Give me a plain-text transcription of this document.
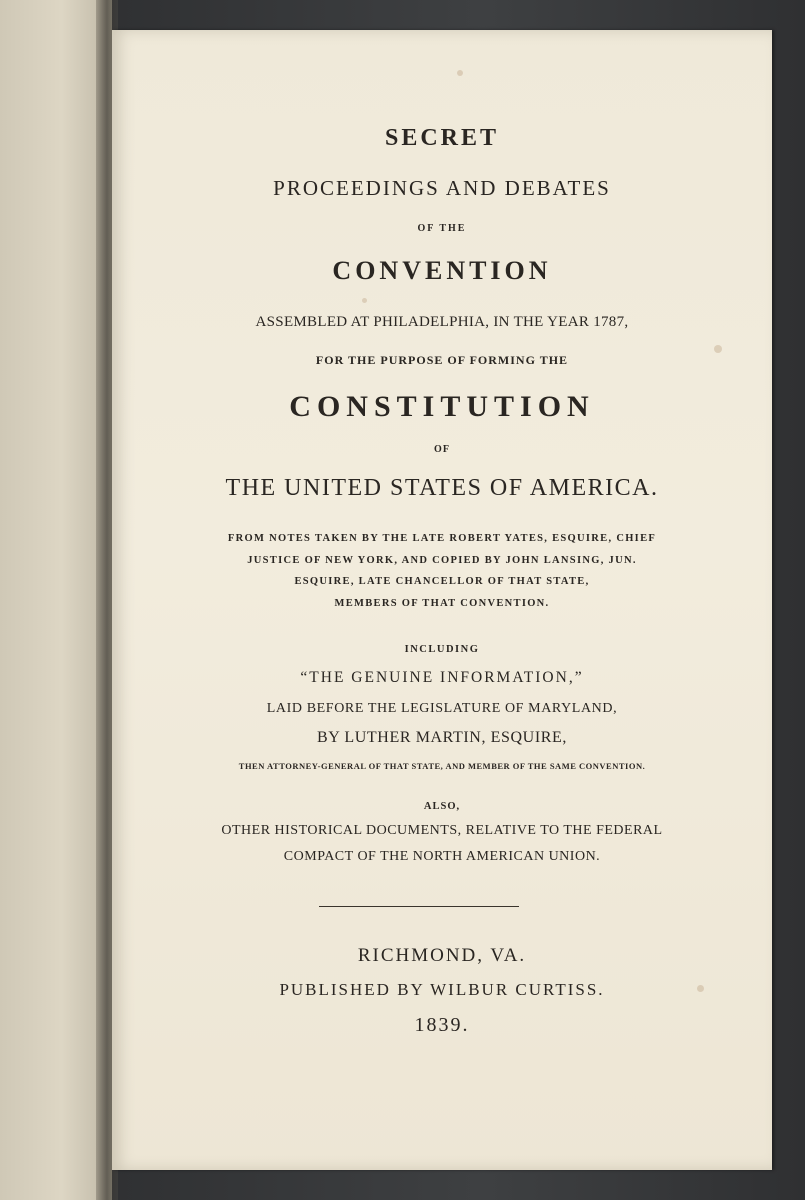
SECRET
PROCEEDINGS AND DEBATES
OF THE
CONVENTION
ASSEMBLED AT PHILADELPHIA, IN THE YEAR 1787,
FOR THE PURPOSE OF FORMING THE
CONSTITUTION
OF
THE UNITED STATES OF AMERICA.
FROM NOTES TAKEN BY THE LATE ROBERT YATES, ESQUIRE, CHIEF
JUSTICE OF NEW YORK, AND COPIED BY JOHN LANSING, JUN.
ESQUIRE, LATE CHANCELLOR OF THAT STATE,
MEMBERS OF THAT CONVENTION.
INCLUDING
“THE GENUINE INFORMATION,”
LAID BEFORE THE LEGISLATURE OF MARYLAND,
BY LUTHER MARTIN, ESQUIRE,
THEN ATTORNEY-GENERAL OF THAT STATE, AND MEMBER OF THE SAME CONVENTION.
ALSO,
OTHER HISTORICAL DOCUMENTS, RELATIVE TO THE FEDERAL
COMPACT OF THE NORTH AMERICAN UNION.
RICHMOND, VA.
PUBLISHED BY WILBUR CURTISS.
1839.
